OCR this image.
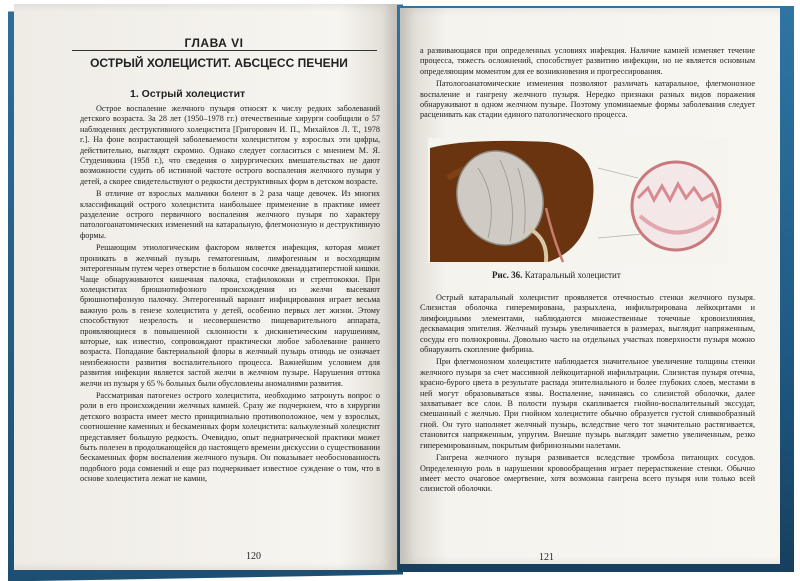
ГЛАВА VI
ОСТРЫЙ ХОЛЕЦИСТИТ. АБСЦЕСС ПЕЧЕНИ
1. Острый холецистит

Острое воспаление желчного пузыря относят к числу редких заболеваний детского возраста. За 28 лет (1950–1978 гг.) отечественные хирурги сообщили о 57 наблюдениях деструктивного холецистита [Григорович И. П., Михайлов Л. Т., 1978 г.]. На фоне возрастающей заболеваемости холециститом у взрослых эти цифры, действительно, выглядят скромно. Однако следует согласиться с мнением М. Я. Студеникина (1958 г.), что сведения о хирургических вмешательствах не дают возможности судить об истинной частоте острого воспаления желчного пузыря у детей, а скорее свидетельствуют о редкости деструктивных форм в детском возрасте.

В отличие от взрослых мальчики болеют в 2 раза чаще девочек. Из многих классификаций острого холецистита наибольшее применение в практике имеет разделение острого первичного воспаления желчного пузыря по характеру патологоанатомических изменений на катаральную, флегмонозную и деструктивную формы.

Решающим этиологическим фактором является инфекция, которая может проникать в желчный пузырь гематогенным, лимфогенным и восходящим энтерогенным путем через отверстие в большом сосочке двенадцатиперстной кишки. Чаще обнаруживаются кишечная палочка, стафилококки и стрептококки. При холециститах брюшнотифозного происхождения из желчи высевают брюшнотифозную палочку. Энтерогенный вариант инфицирования играет весьма важную роль в генезе холецистита у детей, особенно первых лет жизни. Этому способствуют незрелость и несовершенство пищеварительного аппарата, проявляющиеся в повышенной склонности к дискинетическим нарушениям, которые, как известно, сопровождают практически любое заболевание раннего возраста. Попадание бактериальной флоры в желчный пузырь отнюдь не означает неизбежности развития воспалительного процесса. Важнейшим условием для развития инфекции является застой желчи в желчном пузыре. Нарушения оттока желчи из пузыря у 65 % больных были обусловлены аномалиями развития.

Рассматривая патогенез острого холецистита, необходимо затронуть вопрос о роли в его происхождении желчных камней. Сразу же подчеркнем, что в хирургии детского возраста имеет место принципиально противоположное, чем у взрослых, соотношение каменных и бескаменных форм холецистита: калькулезный холецистит представляет большую редкость. Очевидно, опыт педиатрической практики может быть полезен в продолжающейся до настоящего времени дискуссии о существовании бескаменных форм воспаления желчного пузыря. Он показывает необоснованность подобного рода сомнений и еще раз подчеркивает известное суждение о том, что в основе холецистита лежат не камни,

120

а развивающаяся при определенных условиях инфекция. Наличие камней изменяет течение процесса, тяжесть осложнений, способствует развитию инфекции, но не является основным определяющим моментом для ее возникновения и прогрессирования.

Патологоанатомические изменения позволяют различать катаральное, флегмонозное воспаление и гангрену желчного пузыря. Нередко признаки разных видов поражения обнаруживают в одном желчном пузыре. Поэтому упоминаемые формы заболевания следует расценивать как стадии единого патологического процесса.

Рис. 36. Катаральный холецистит

Острый катаральный холецистит проявляется отечностью стенки желчного пузыря. Слизистая оболочка гиперемирована, разрыхлена, инфильтрирована лейкоцитами и лимфоидными элементами, наблюдаются множественные точечные кровоизлияния, десквамация эпителия. Желчный пузырь увеличивается в размерах, выглядит напряженным, сосуды его полнокровны. Довольно часто на отдельных участках поверхности пузыря можно обнаружить скопление фибрина.

При флегмонозном холецистите наблюдается значительное увеличение толщины стенки желчного пузыря за счет массивной лейкоцитарной инфильтрации. Слизистая пузыря отечна, красно-бурого цвета в результате распада эпителиального и более глубоких слоев, местами в ней могут образовываться язвы. Воспаление, начинаясь со слизистой оболочки, далее захватывает все слои. В полости пузыря скапливается гнойно-воспалительный экссудат, смешанный с желчью. При гнойном холецистите обычно образуется густой сливкообразный гной. Он туго наполняет желчный пузырь, вследствие чего тот значительно растягивается, становится напряженным, упругим. Внешне пузырь выглядит заметно увеличенным, резко гиперемированным, покрытым фибринозными налетами.

Гангрена желчного пузыря развивается вследствие тромбоза питающих сосудов. Определенную роль в нарушении кровообращения играет перерастяжение стенки. Обычно имеет место очаговое омертвение, хотя возможна гангрена всего пузыря или только всей слизистой оболочки.

121
